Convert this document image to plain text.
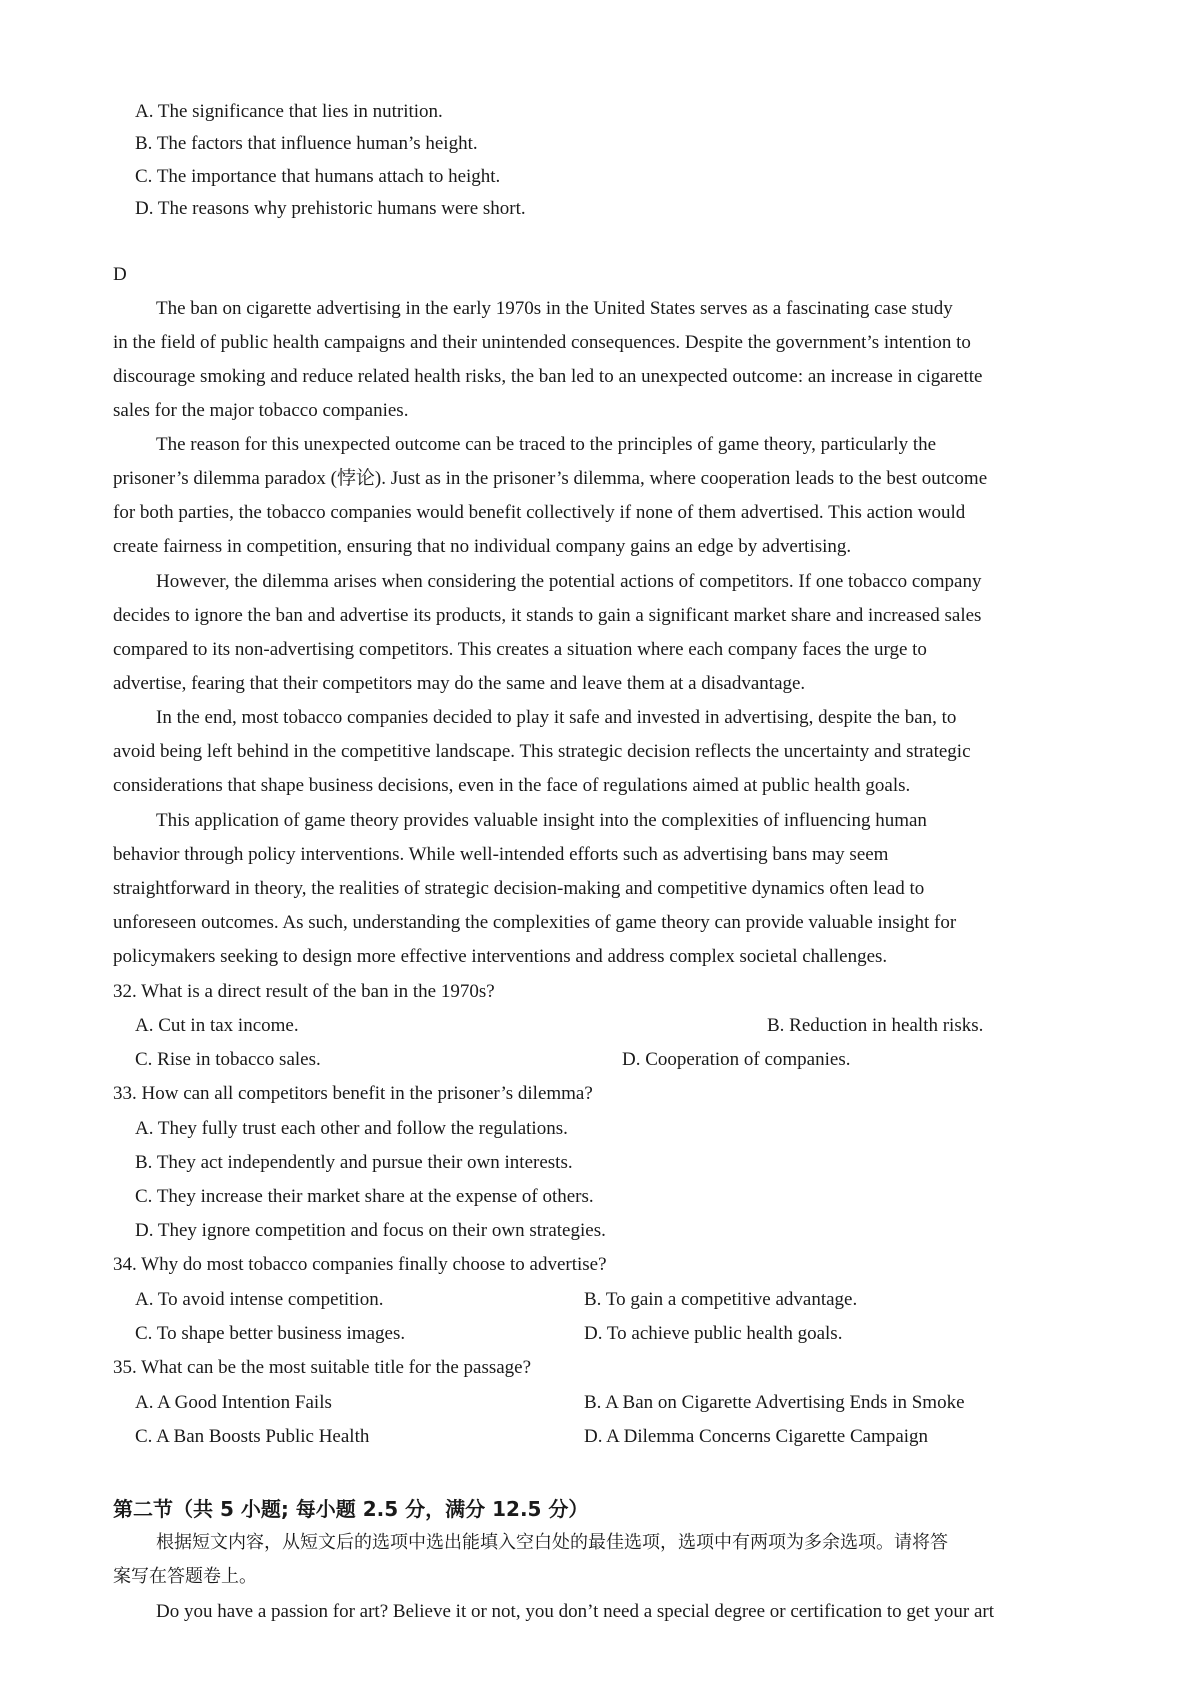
A. The significance that lies in nutrition.
B. The factors that influence human’s height.
C. The importance that humans attach to height.
D. The reasons why prehistoric humans were short.
D
The ban on cigarette advertising in the early 1970s in the United States serves as a fascinating case study
in the field of public health campaigns and their unintended consequences. Despite the government’s intention to
discourage smoking and reduce related health risks, the ban led to an unexpected outcome: an increase in cigarette
sales for the major tobacco companies.
The reason for this unexpected outcome can be traced to the principles of game theory, particularly the
prisoner’s dilemma paradox (悖论). Just as in the prisoner’s dilemma, where cooperation leads to the best outcome
for both parties, the tobacco companies would benefit collectively if none of them advertised. This action would
create fairness in competition, ensuring that no individual company gains an edge by advertising.
However, the dilemma arises when considering the potential actions of competitors. If one tobacco company
decides to ignore the ban and advertise its products, it stands to gain a significant market share and increased sales
compared to its non-advertising competitors. This creates a situation where each company faces the urge to
advertise, fearing that their competitors may do the same and leave them at a disadvantage.
In the end, most tobacco companies decided to play it safe and invested in advertising, despite the ban, to
avoid being left behind in the competitive landscape. This strategic decision reflects the uncertainty and strategic
considerations that shape business decisions, even in the face of regulations aimed at public health goals.
This application of game theory provides valuable insight into the complexities of influencing human
behavior through policy interventions. While well-intended efforts such as advertising bans may seem
straightforward in theory, the realities of strategic decision-making and competitive dynamics often lead to
unforeseen outcomes. As such, understanding the complexities of game theory can provide valuable insight for
policymakers seeking to design more effective interventions and address complex societal challenges.
32. What is a direct result of the ban in the 1970s?
A. Cut in tax income.	B. Reduction in health risks.
C. Rise in tobacco sales.	D. Cooperation of companies.
33. How can all competitors benefit in the prisoner’s dilemma?
A. They fully trust each other and follow the regulations.
B. They act independently and pursue their own interests.
C. They increase their market share at the expense of others.
D. They ignore competition and focus on their own strategies.
34. Why do most tobacco companies finally choose to advertise?
A. To avoid intense competition.	B. To gain a competitive advantage.
C. To shape better business images.	D. To achieve public health goals.
35. What can be the most suitable title for the passage?
A. A Good Intention Fails	B. A Ban on Cigarette Advertising Ends in Smoke
C. A Ban Boosts Public Health	D. A Dilemma Concerns Cigarette Campaign
第二节（共 5 小题; 每小题 2.5 分，满分 12.5 分）
根据短文内容，从短文后的选项中选出能填入空白处的最佳选项，选项中有两项为多余选项。请将答
案写在答题卷上。
Do you have a passion for art? Believe it or not, you don’t need a special degree or certification to get your art
